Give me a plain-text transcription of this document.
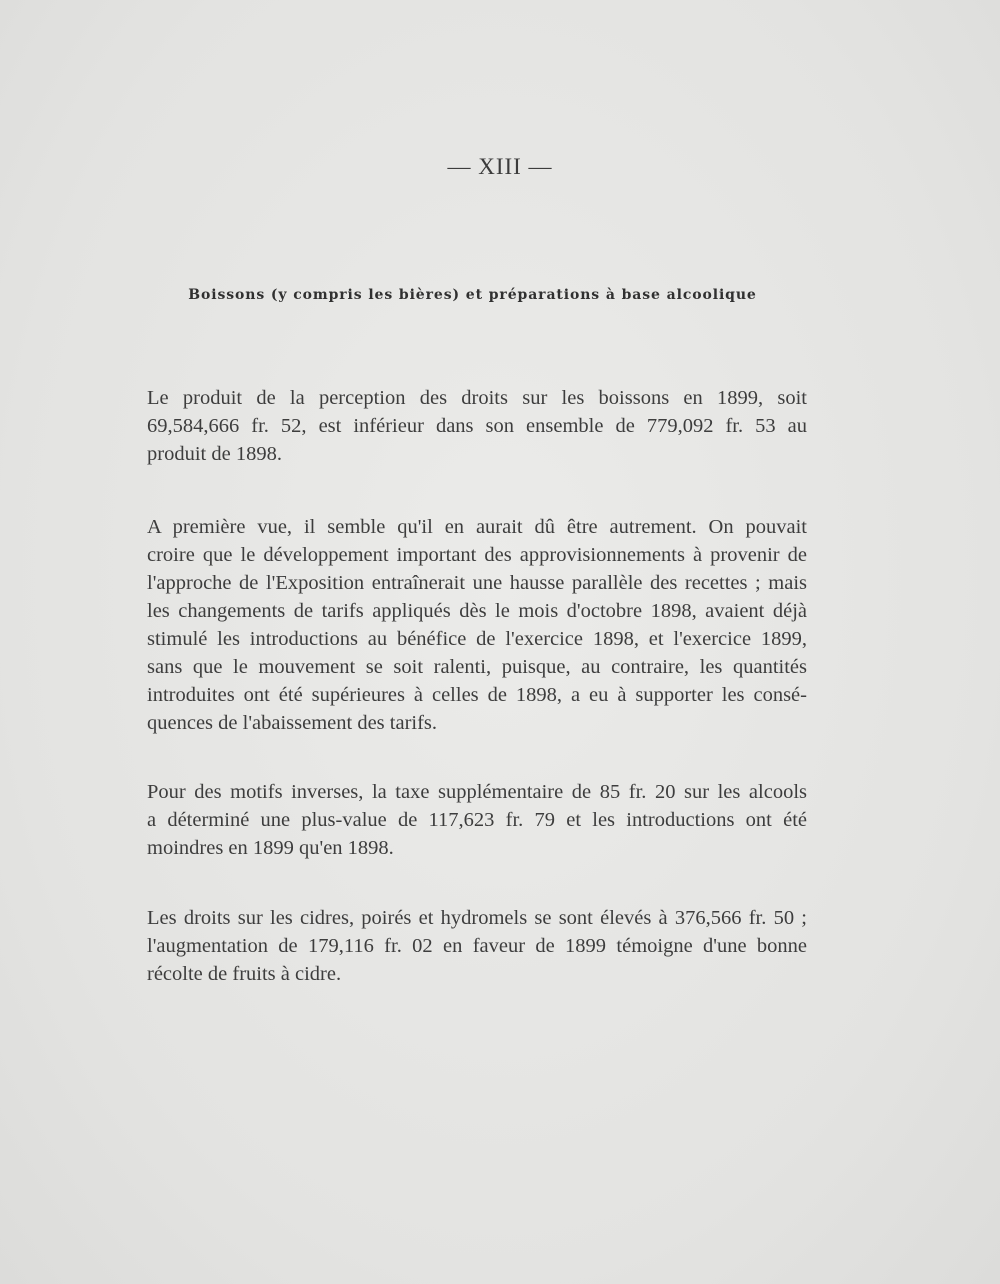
— XIII —
Boissons (y compris les bières) et préparations à base alcoolique

Le produit de la perception des droits sur les boissons en 1899, soit
69,584,666 fr. 52, est inférieur dans son ensemble de 779,092 fr. 53 au
produit de 1898.

A première vue, il semble qu'il en aurait dû être autrement. On pouvait
croire que le développement important des approvisionnements à provenir de
l'approche de l'Exposition entraînerait une hausse parallèle des recettes ; mais
les changements de tarifs appliqués dès le mois d'octobre 1898, avaient déjà
stimulé les introductions au bénéfice de l'exercice 1898, et l'exercice 1899,
sans que le mouvement se soit ralenti, puisque, au contraire, les quantités
introduites ont été supérieures à celles de 1898, a eu à supporter les consé-
quences de l'abaissement des tarifs.

Pour des motifs inverses, la taxe supplémentaire de 85 fr. 20 sur les alcools
a déterminé une plus-value de 117,623 fr. 79 et les introductions ont été
moindres en 1899 qu'en 1898.

Les droits sur les cidres, poirés et hydromels se sont élevés à 376,566 fr. 50 ;
l'augmentation de 179,116 fr. 02 en faveur de 1899 témoigne d'une bonne
récolte de fruits à cidre.
